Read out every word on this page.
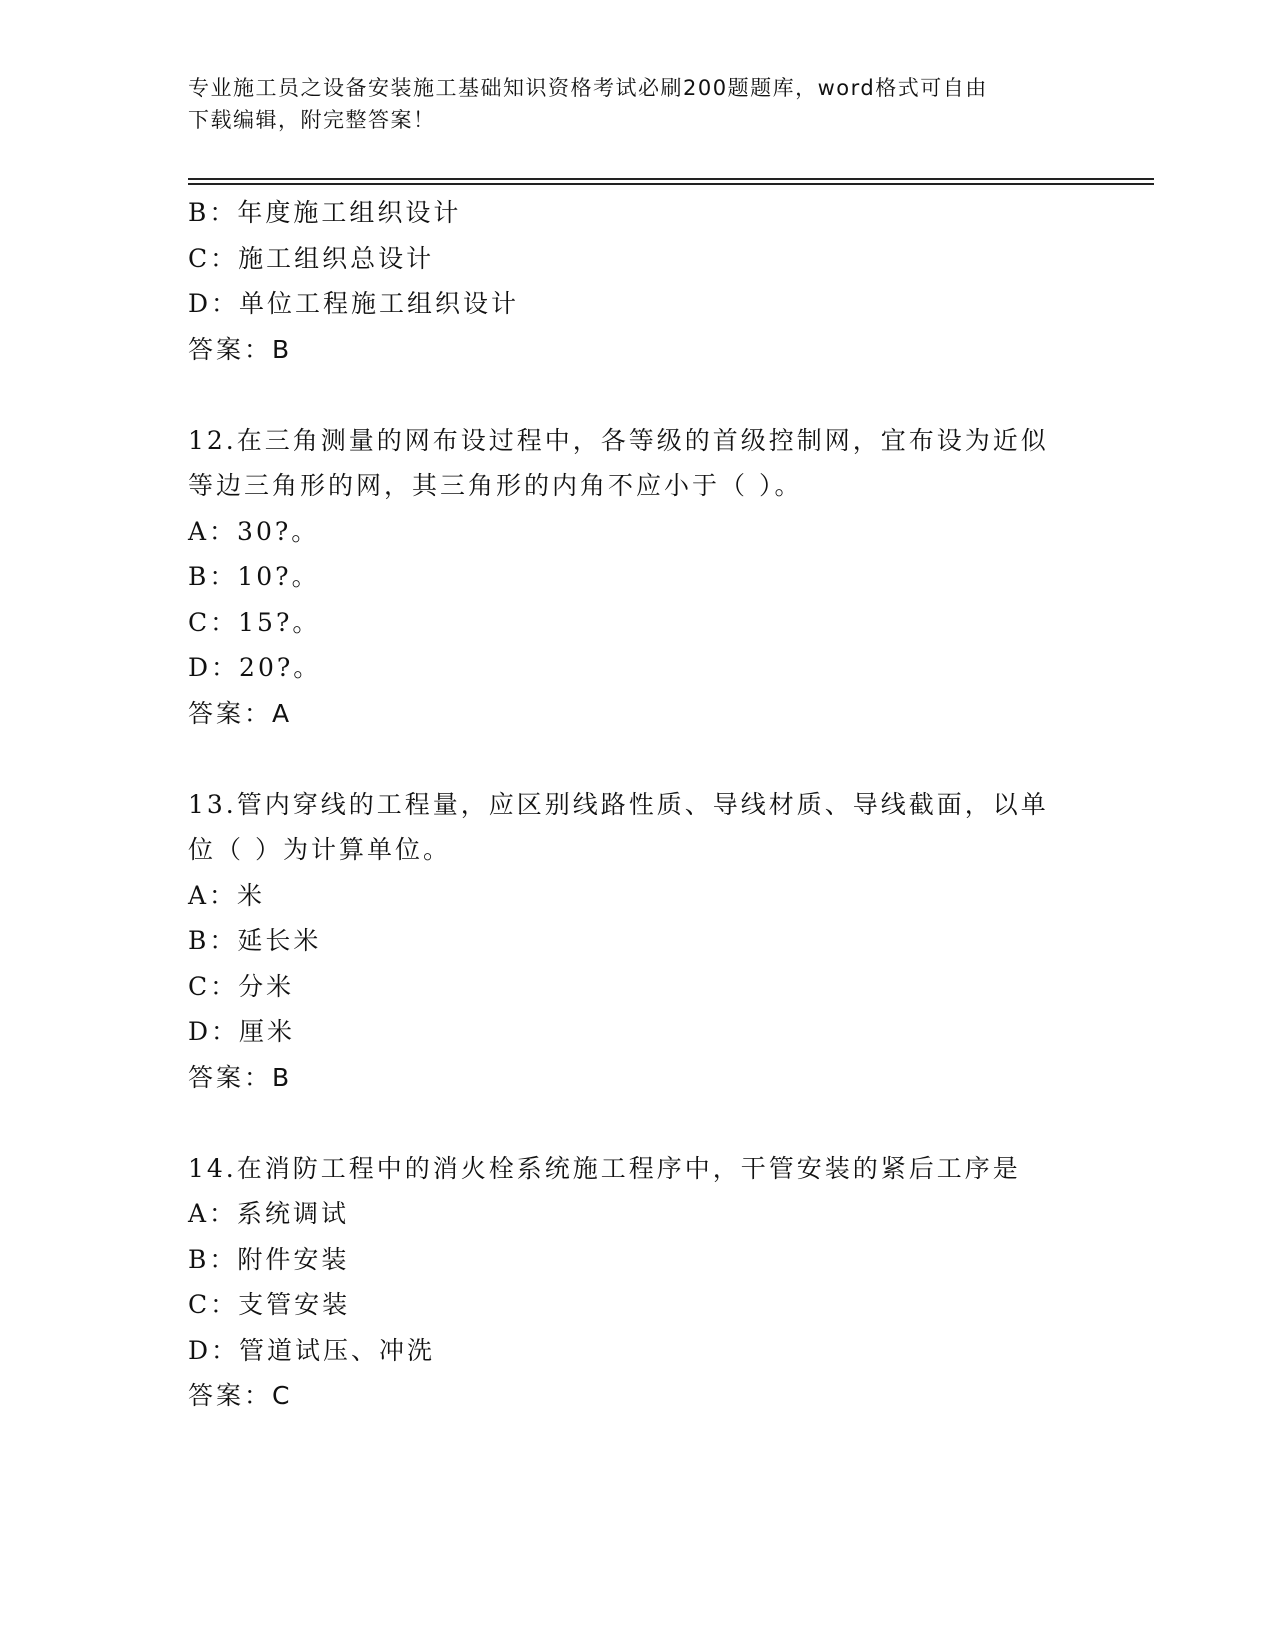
专业施工员之设备安装施工基础知识资格考试必刷200题题库，word格式可自由
下载编辑，附完整答案！
B：年度施工组织设计
C：施工组织总设计
D：单位工程施工组织设计
答案：B
12.在三角测量的网布设过程中，各等级的首级控制网，宜布设为近似
等边三角形的网，其三角形的内角不应小于（ ）。
A：30?。
B：10?。
C：15?。
D：20?。
答案：A
13.管内穿线的工程量，应区别线路性质、导线材质、导线截面，以单
位（ ）为计算单位。
A：米
B：延长米
C：分米
D：厘米
答案：B
14.在消防工程中的消火栓系统施工程序中，干管安装的紧后工序是
A：系统调试
B：附件安装
C：支管安装
D：管道试压、冲洗
答案：C
